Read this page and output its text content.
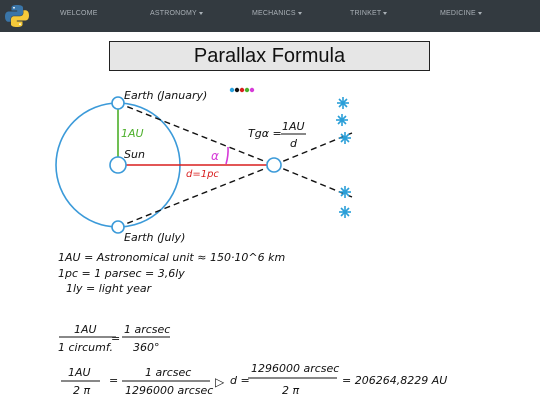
WELCOME	ASTRONOMY	MECHANICS	TRINKET	MEDICINE
Parallax Formula
α
Earth (January)
Earth (July)
Sun
1AU
d=1pc
Tgα =
1AU
d
1AU = Astronomical unit ≈ 150·10^6 km
1pc = 1 parsec = 3,6ly
1ly = light year
1AU
1 circumf.
=
1 arcsec
360°
1AU
2 π
=
1 arcsec
1296000 arcsec
▷ d =
1296000 arcsec
2 π
= 206264,8229 AU
